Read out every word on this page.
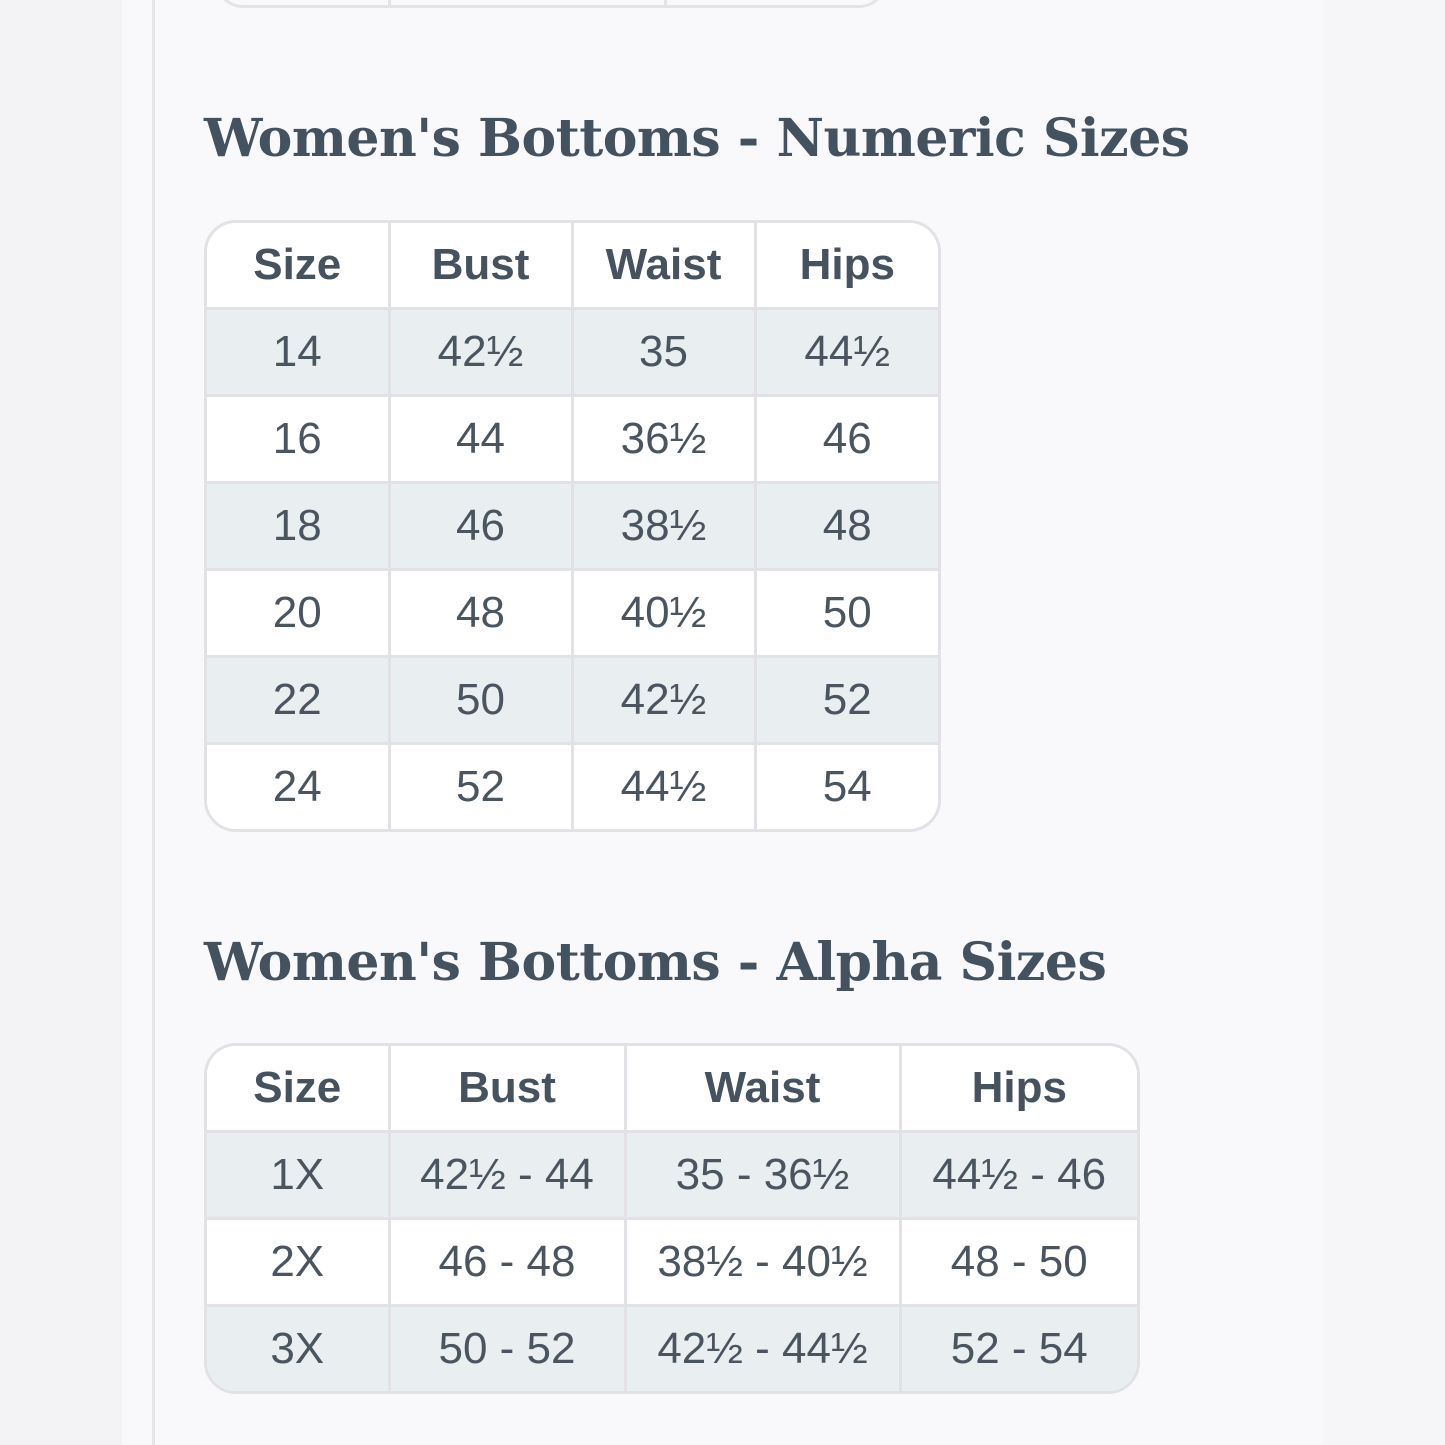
Women's Bottoms - Numeric Sizes
Size	Bust	Waist	Hips
14	42½	35	44½
16	44	36½	46
18	46	38½	48
20	48	40½	50
22	50	42½	52
24	52	44½	54
Women's Bottoms - Alpha Sizes
Size	Bust	Waist	Hips
1X	42½ - 44	35 - 36½	44½ - 46
2X	46 - 48	38½ - 40½	48 - 50
3X	50 - 52	42½ - 44½	52 - 54
